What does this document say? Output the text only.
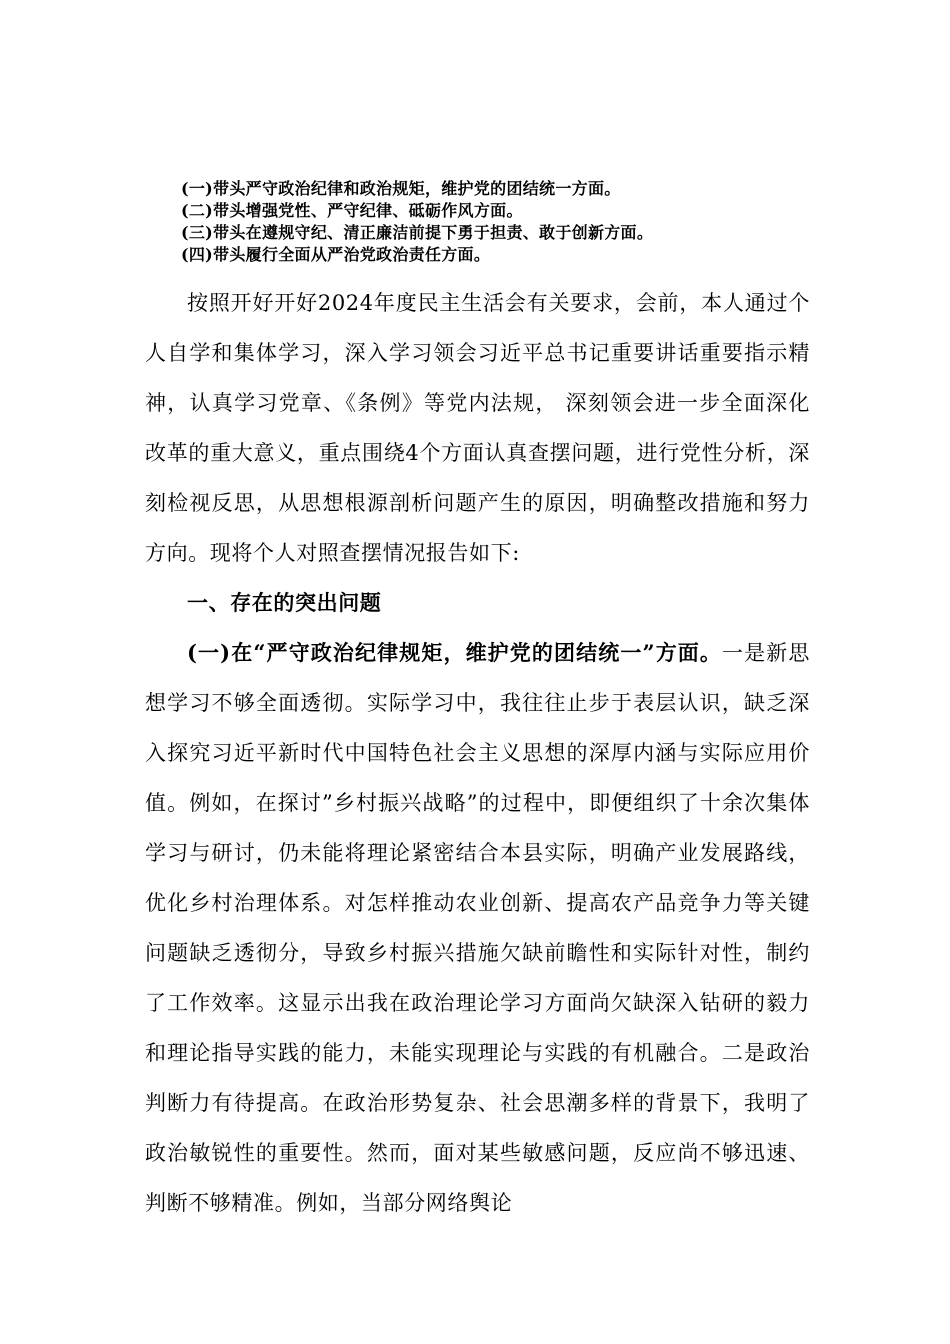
(一)带头严守政治纪律和政治规矩，维护党的团结统一方面。
(二)带头增强党性、严守纪律、砥砺作风方面。
(三)带头在遵规守纪、清正廉洁前提下勇于担责、敢于创新方面。
(四)带头履行全面从严治党政治责任方面。

按照开好开好2024年度民主生活会有关要求，会前，本人通过个人自学和集体学习，深入学习领会习近平总书记重要讲话重要指示精神，认真学习党章、《条例》等党内法规， 深刻领会进一步全面深化改革的重大意义，重点围绕4个方面认真查摆问题，进行党性分析，深刻检视反思，从思想根源剖析问题产生的原因，明确整改措施和努力方向。现将个人对照查摆情况报告如下:

一、存在的突出问题

(一)在“严守政治纪律规矩，维护党的团结统一”方面。一是新思想学习不够全面透彻。实际学习中，我往往止步于表层认识，缺乏深入探究习近平新时代中国特色社会主义思想的深厚内涵与实际应用价值。例如，在探讨”乡村振兴战略”的过程中，即便组织了十余次集体学习与研讨，仍未能将理论紧密结合本县实际，明确产业发展路线，优化乡村治理体系。对怎样推动农业创新、提高农产品竞争力等关键问题缺乏透彻分，导致乡村振兴措施欠缺前瞻性和实际针对性，制约了工作效率。这显示出我在政治理论学习方面尚欠缺深入钻研的毅力和理论指导实践的能力，未能实现理论与实践的有机融合。二是政治判断力有待提高。在政治形势复杂、社会思潮多样的背景下，我明了政治敏锐性的重要性。然而，面对某些敏感问题，反应尚不够迅速、判断不够精准。例如，当部分网络舆论
